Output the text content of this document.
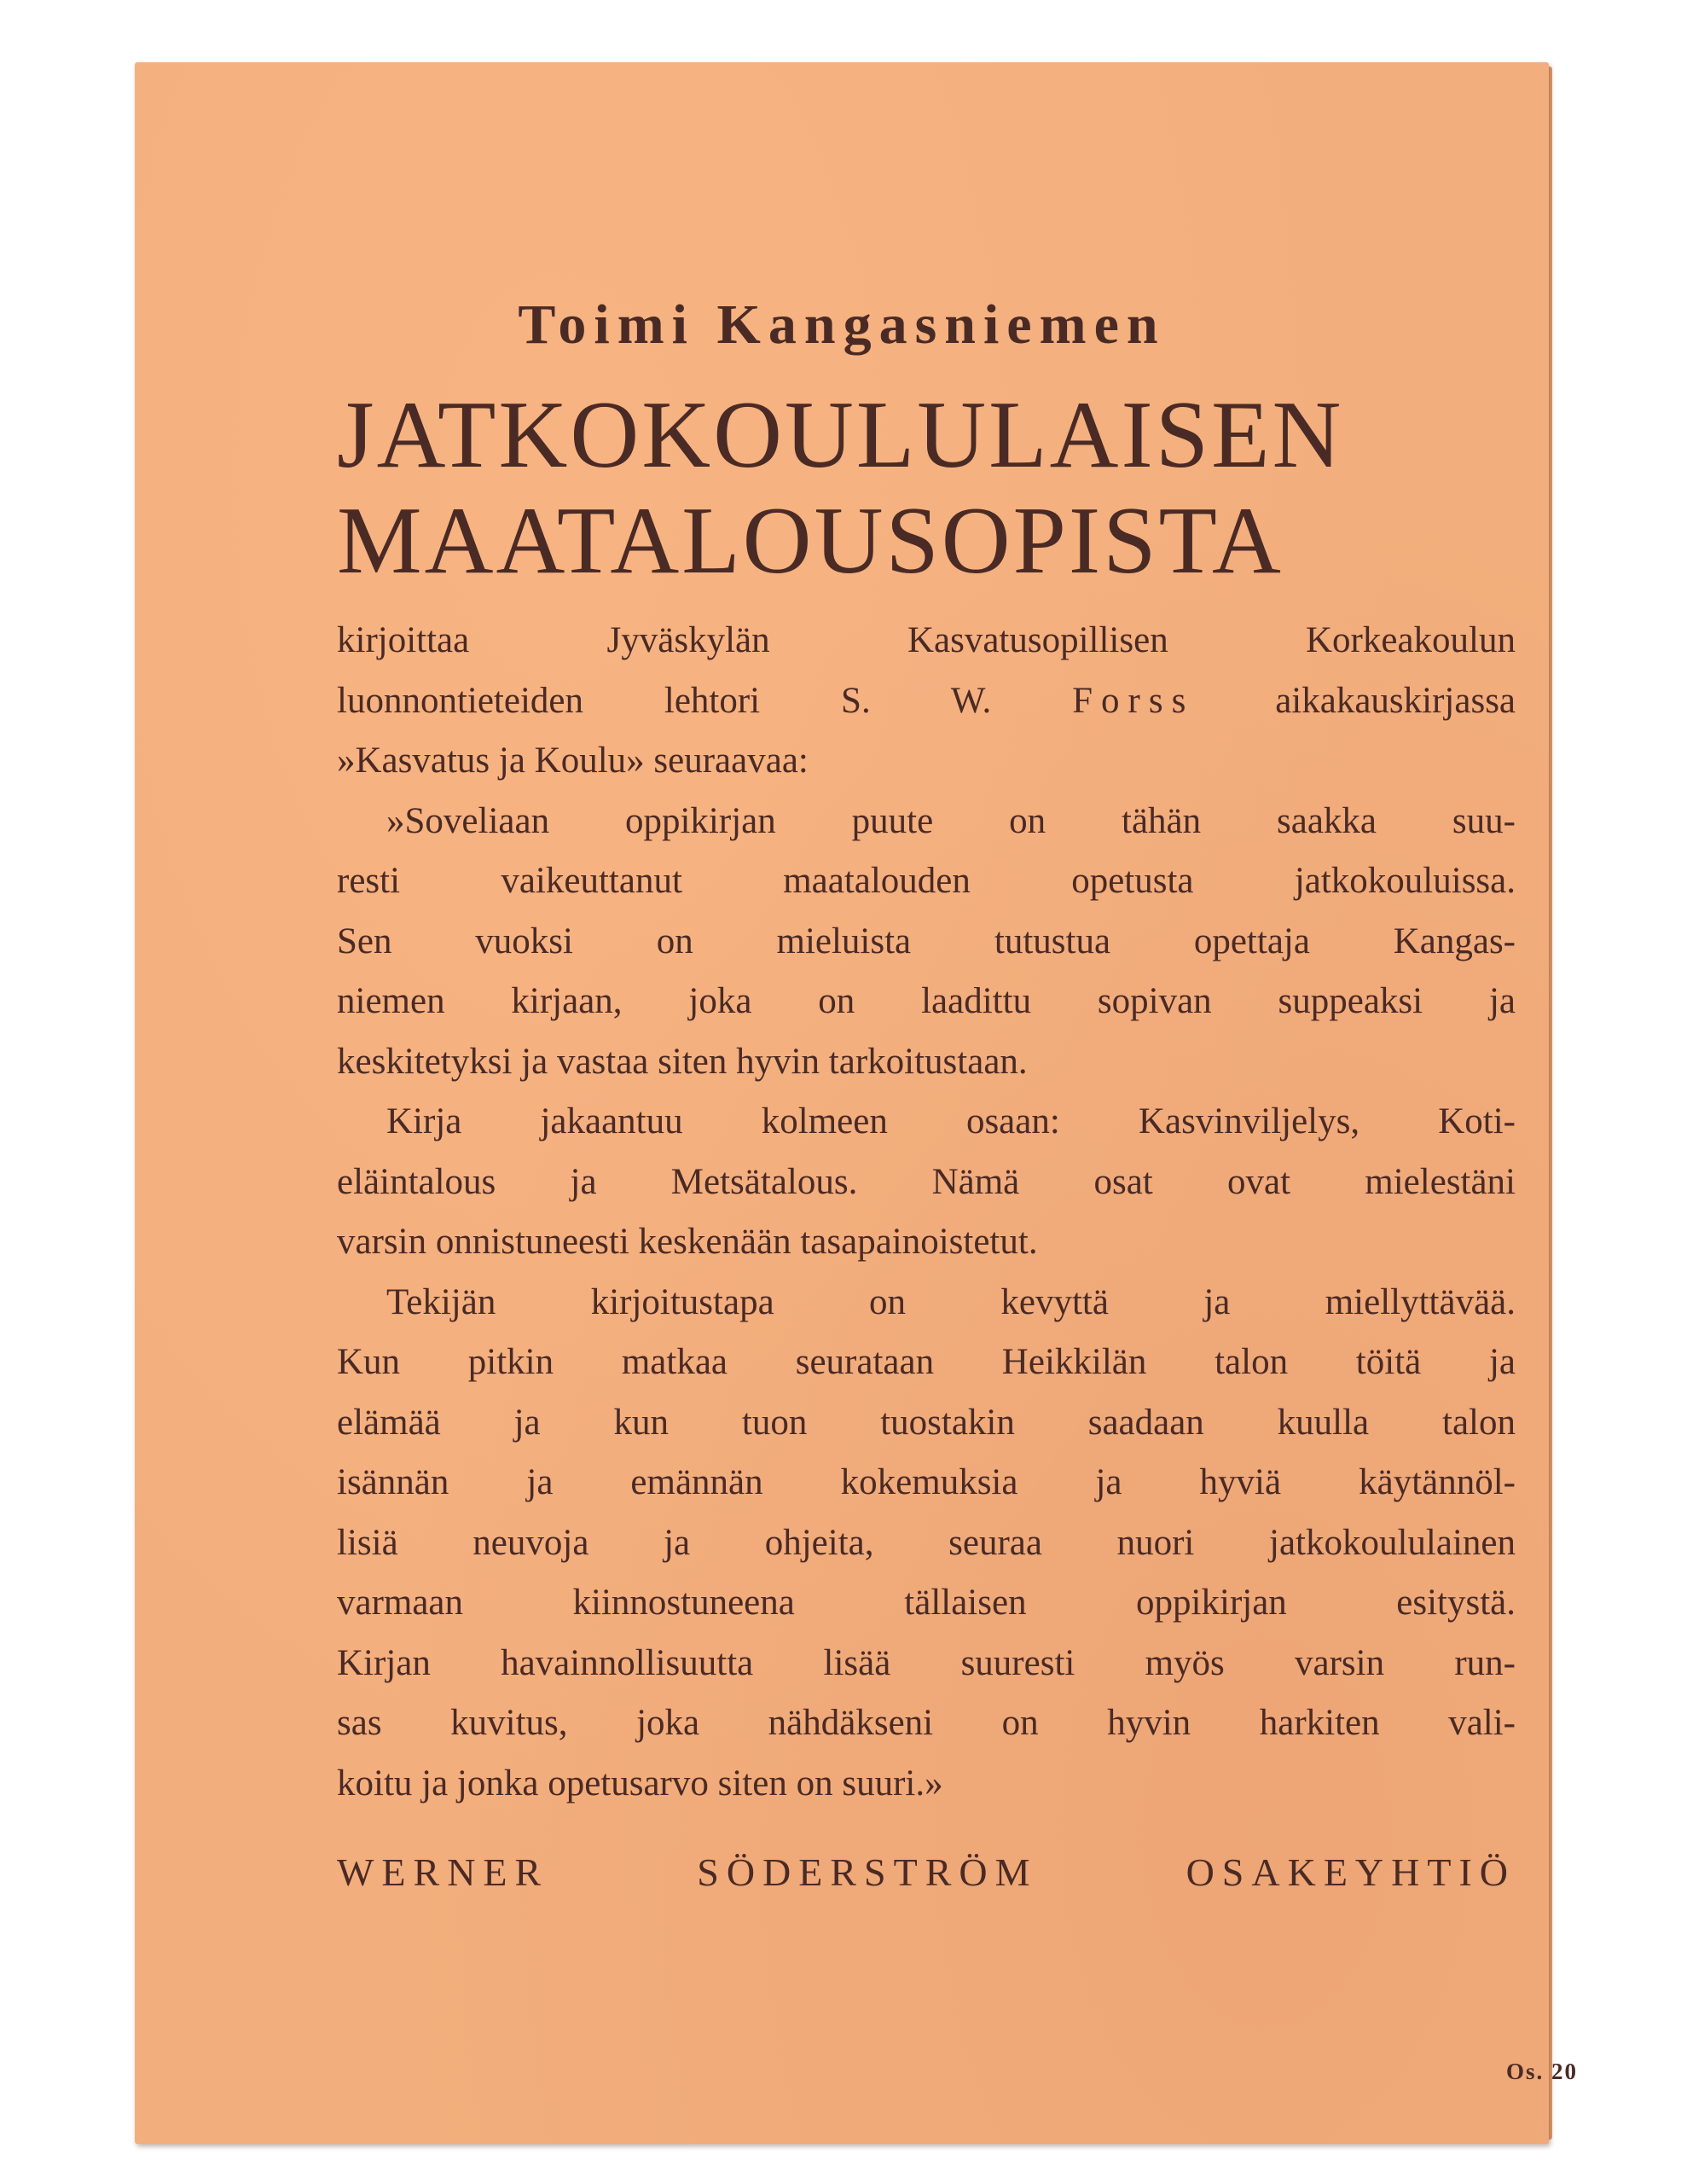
Toimi Kangasniemen
JATKOKOULULAISEN
MAATALOUSOPISTA
kirjoittaa Jyväskylän Kasvatusopillisen Korkeakoulun
luonnontieteiden lehtori S. W. Forss aikakauskirjassa
»Kasvatus ja Koulu» seuraavaa:
»Soveliaan oppikirjan puute on tähän saakka suu-
resti vaikeuttanut maatalouden opetusta jatkokouluissa.
Sen vuoksi on mieluista tutustua opettaja Kangas-
niemen kirjaan, joka on laadittu sopivan suppeaksi ja
keskitetyksi ja vastaa siten hyvin tarkoitustaan.
Kirja jakaantuu kolmeen osaan: Kasvinviljelys, Koti-
eläintalous ja Metsätalous. Nämä osat ovat mielestäni
varsin onnistuneesti keskenään tasapainoistetut.
Tekijän kirjoitustapa on kevyttä ja miellyttävää.
Kun pitkin matkaa seurataan Heikkilän talon töitä ja
elämää ja kun tuon tuostakin saadaan kuulla talon
isännän ja emännän kokemuksia ja hyviä käytännöl-
lisiä neuvoja ja ohjeita, seuraa nuori jatkokoululainen
varmaan kiinnostuneena tällaisen oppikirjan esitystä.
Kirjan havainnollisuutta lisää suuresti myös varsin run-
sas kuvitus, joka nähdäkseni on hyvin harkiten vali-
koitu ja jonka opetusarvo siten on suuri.»
WERNER SÖDERSTRÖM OSAKEYHTIÖ
Os. 20
